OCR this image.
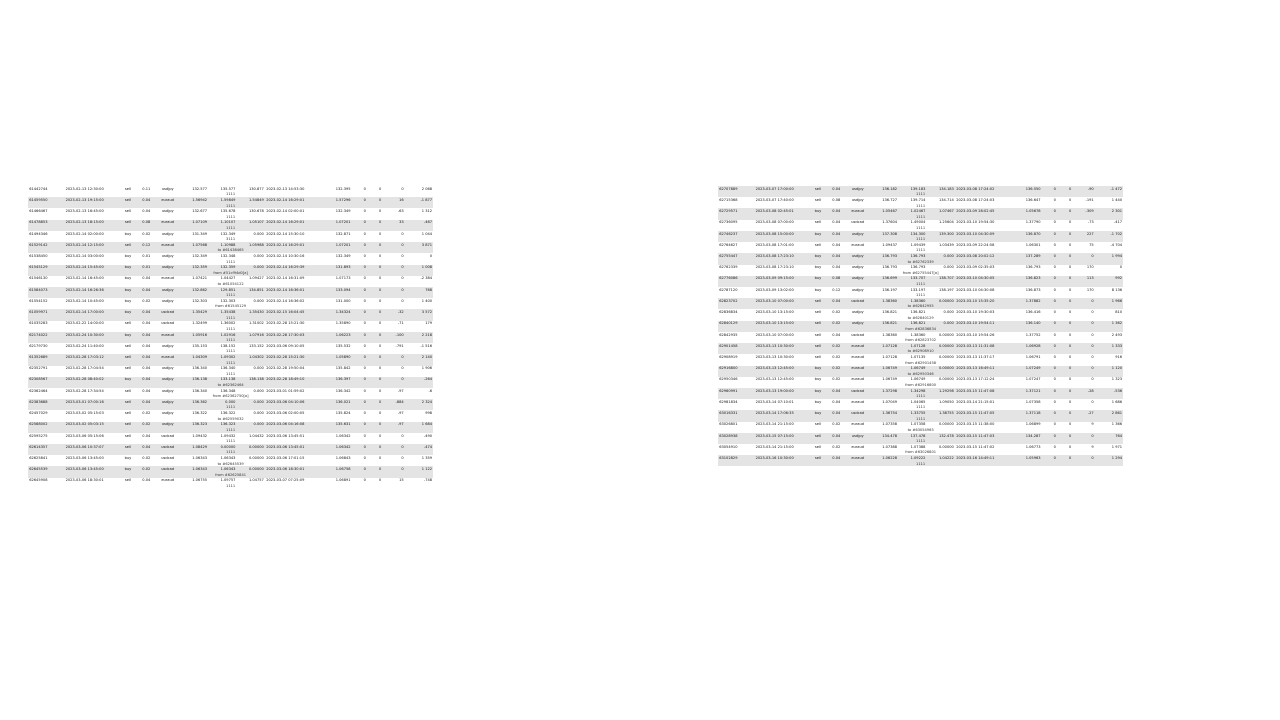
61442744	2023-02-13 12:30:00	sell	0.11	usdjpy	132.577	135.577	130.877	2023-02-13 14:53:30	132.395	0	0	0	2 068
1111													
61459550	2023-02-13 19:15:00	sell	0.04	euraud	1.56942	1.59849	1.54849	2023-02-14 16:29:01	1.57296	0	0	16	-1 877
1111													
61466467	2023-02-13 16:45:00	sell	0.04	usdjpy	132.677	135.678	130.678	2023-02-14 02:00:01	132.349	0	0	-63	1 312
1111													
61478853	2023-02-13 18:15:00	sell	0.08	euraud	1.07109	1.10107	1.05107	2023-02-14 16:29:01	1.07201	0	0	33	-467
1111													
61494346	2023-02-14 02:00:00	buy	0.02	usdjpy	131.349	132.349	0.000	2023-02-14 15:30:10	132.871	0	0	0	1 044
3111													
61529142	2023-02-14 12:15:00	sell	0.12	euraud	1.07568	1.10988	1.05988	2023-02-14 16:29:01	1.07201	0	0	0	3 871
to #61438465													
61538450	2023-02-14 03:00:00	buy	0.01	usdjpy	132.349	132.348	0.000	2023-02-14 10:30:16	132.349	0	0	0	0
1111													
61545129	2023-02-14 15:45:00	buy	0.01	usdjpy	132.359	132.359	0.000	2023-02-14 16:29:39	131.893	0	0	0	1 008
from #51cf94d0[a]													
61546130	2023-02-14 16:45:00	buy	0.04	euraud	1.07421	1.04427	1.09427	2023-02-14 16:31:09	1.07173	0	0	0	-2 384
to #61054122													
61584073	2023-02-14 16:26:36	buy	0.04	usdjpy	132.862	129.851	134.851	2023-02-14 16:36:01	133.094	0	0	0	768
1111													
61554152	2023-02-14 10:45:00	buy	0.02	usdjpy	132.303	132.303	0.000	2023-02-14 16:36:02	131.000	0	0	0	1 400
from #61545129													
61059971	2023-02-14 17:00:00	buy	0.04	usdcad	1.35429	1.35438	1.35430	2023-02-15 16:04:45	1.34324	0	0	-32	3 572
1111													
61035283	2023-02-22 14:00:00	sell	0.04	usdcad	1.32499	1.36002	1.31002	2023-02-28 15:21:30	1.35890	0	0	-71	179
1111													
62174022	2023-02-24 10:30:00	buy	0.04	euraud	1.05916	1.02916	1.07916	2023-02-28 17:30:03	1.06223	0	0	-100	2 218
1111													
62179730	2023-02-24 11:40:00	sell	0.04	usdjpy	135.153	138.152	133.152	2023-03-06 09:10:05	135.532	0	0	-791	-1 516
1111													
61352689	2023-02-28 17:03:12	sell	0.04	euraud	1.04309	1.09302	1.04302	2023-02-28 15:21:30	1.05890	0	0	0	2 140
1111													
62352791	2023-02-28 17:04:54	sell	0.04	usdjpy	136.340	136.340	0.000	2023-02-28 19:50:04	135.842	0	0	0	1 906
1111													
62308567	2023-02-28 08:40:02	buy	0.04	usdjpy	136.138	133.138	138.138	2023-02-28 18:49:10	136.397	0	0	0	-264
to #62362464													
62362464	2023-02-28 17:34:54	sell	0.04	usdjpy	136.340	136.348	0.000	2023-03-01 01:59:02	136.342	0	0	-97	-6
from #62362750[a]													
62383688	2023-03-01 07:00:16	sell	0.04	usdjpy	136.362	0.000	0.000	2023-03-06 04:10:06	136.021	0	0	-884	2 324
1111													
62457029	2023-03-02 05:15:03	sell	0.02	usdjpy	136.322	136.322	0.000	2023-03-06 02:00:05	135.824	0	0	-97	998
to #62559032													
62588002	2023-03-02 05:03:15	sell	0.02	usdjpy	136.323	136.323	0.000	2023-03-06 04:16:08	135.631	0	0	-97	1 684
1111													
62595275	2023-03-06 05:15:06	sell	0.04	usdcad	1.09432	1.09432	1.04432	2023-03-06 13:45:51	1.06342	0	0	0	-490
1111													
62614357	2023-03-06 10:37:07	sell	0.04	usdcad	1.08429	0.00000	0.00000	2023-03-06 13:45:01	1.06342	0	0	0	-474
1111													
62625841	2023-03-06 13:45:00	buy	0.02	usdcad	1.06343	1.06343	0.00000	2023-03-06 17:01:15	1.06843	0	0	0	1 359
to #62645539													
62645539	2023-03-06 13:45:00	buy	0.02	usdcad	1.06343	1.06343	0.00000	2023-03-06 18:30:01	1.06758	0	0	0	1 122
from #62625841													
62645908	2023-03-06 18:30:01	sell	0.04	euraud	1.06755	1.09757	1.04757	2023-03-07 07:25:09	1.06891	0	0	15	-748
1111													
62707889	2023-03-07 17:00:00	sell	0.04	usdjpy	136.182	139.183	134.183	2023-03-08 17:24:02	136.550	0	0	-90	-1 472
1111													
62715368	2023-03-07 17:40:00	sell	0.08	usdjpy	136.727	139.714	134.714	2023-03-08 17:24:03	136.647	0	0	-191	1 440
1111													
62729571	2023-03-08 02:45:01	buy	0.04	euraud	1.05467	1.02467	1.07467	2023-03-09 28:02:45	1.05678	0	0	-309	2 301
1111													
62736095	2023-03-08 07:00:00	sell	0.04	usdcad	1.37604	1.49004	1.25604	2023-03-10 19:54:30	1.37790	0	0	-73	-417
1111													
62746237	2023-03-08 15:00:00	buy	0.04	usdjpy	137.308	134.300	139.300	2023-03-10 04:30:09	136.870	0	0	227	-1 702
1111													
62764627	2023-03-08 17:01:00	sell	0.04	euraud	1.09437	1.09439	1.03439	2023-03-09 22:24:58	1.06301	0	0	75	-4 704
1111													
62755447	2023-03-08 17:23:10	buy	0.04	usdjpy	136.793	136.793	0.000	2023-03-08 20:02:12	137.289	0	0	0	1 994
to #62762339													
62762339	2023-03-08 17:23:10	buy	0.04	usdjpy	136.793	136.793	0.000	2023-03-09 02:35:03	136.793	0	0	170	0
from #62755447[a]													
62776086	2023-03-09 09:15:00	buy	0.08	usdjpy	136.699	133.707	138.707	2023-03-10 04:30:05	136.823	0	0	113	992
1111													
62787120	2023-03-09 13:02:00	buy	0.12	usdjpy	136.197	133.197	138.197	2023-03-10 04:30:08	136.873	0	0	170	8 136
1111													
62823702	2023-03-10 07:00:00	sell	0.04	usdcad	1.38360	1.38360	0.00000	2023-03-10 15:35:20	1.37882	0	0	0	1 966
to #62842955													
62836834	2023-03-10 13:15:00	sell	0.02	usdjpy	136.821	136.821	0.000	2023-03-10 19:30:03	136.416	0	0	0	810
to #62840129													
62840129	2023-03-10 13:15:00	sell	0.02	usdjpy	136.821	136.821	0.000	2023-03-10 19:54:11	136.140	0	0	0	1 362
from #62836834													
62842935	2023-03-10 07:00:00	sell	0.04	usdcad	1.38360	1.38360	0.00000	2023-03-10 19:54:26	1.37752	0	0	0	2 493
from #62823702													
62901458	2023-03-13 10:30:00	sell	0.02	euraud	1.07128	1.07128	0.00000	2023-03-13 11:31:08	1.06928	0	0	0	1 333
to #62908910													
62908919	2023-03-13 10:30:00	sell	0.02	euraud	1.07128	1.07135	0.00000	2023-03-13 11:37:17	1.06791	0	0	0	916
from #62901458													
62916800	2023-03-13 12:45:00	buy	0.02	euraud	1.06749	1.06749	0.00000	2023-03-13 16:49:11	1.07249	0	0	0	1 120
to #62950346													
62950346	2023-03-13 12:45:00	buy	0.02	euraud	1.06749	1.06749	0.00000	2023-03-13 17:12:24	1.07247	0	0	0	1 323
from #62916800													
62960991	2023-03-13 19:00:00	buy	0.04	usdcad	1.37298	1.34298	1.29298	2023-03-15 11:47:08	1.37121	0	0	-28	-536
1111													
62981834	2023-03-14 07:10:01	buy	0.04	euraud	1.07049	1.04065	1.09050	2023-03-14 21:15:01	1.07358	0	0	0	1 686
1111													
63016331	2023-03-14 17:06:35	buy	0.04	usdcad	1.36754	1.33755	1.38755	2023-03-15 11:47:05	1.37118	0	0	-27	2 861
1111													
63026801	2023-03-14 21:15:00	sell	0.02	euraud	1.07358	1.07358	0.00000	2023-03-15 11:38:00	1.06899	0	0	9	1 366
to #63054963													
63028938	2023-03-15 07:15:00	sell	0.04	usdjpy	134.478	137.478	132.478	2023-03-15 11:47:03	134.287	0	0	0	764
1111													
63054910	2023-03-14 21:15:00	sell	0.02	euraud	1.07388	1.07388	0.00000	2023-03-15 11:47:02	1.06773	0	0	9	1 971
from #63026801													
63102829	2023-03-16 10:30:00	sell	0.04	euraud	1.06228	1.09222	1.04222	2023-03-16 14:49:11	1.05963	0	0	0	1 294
1111													
